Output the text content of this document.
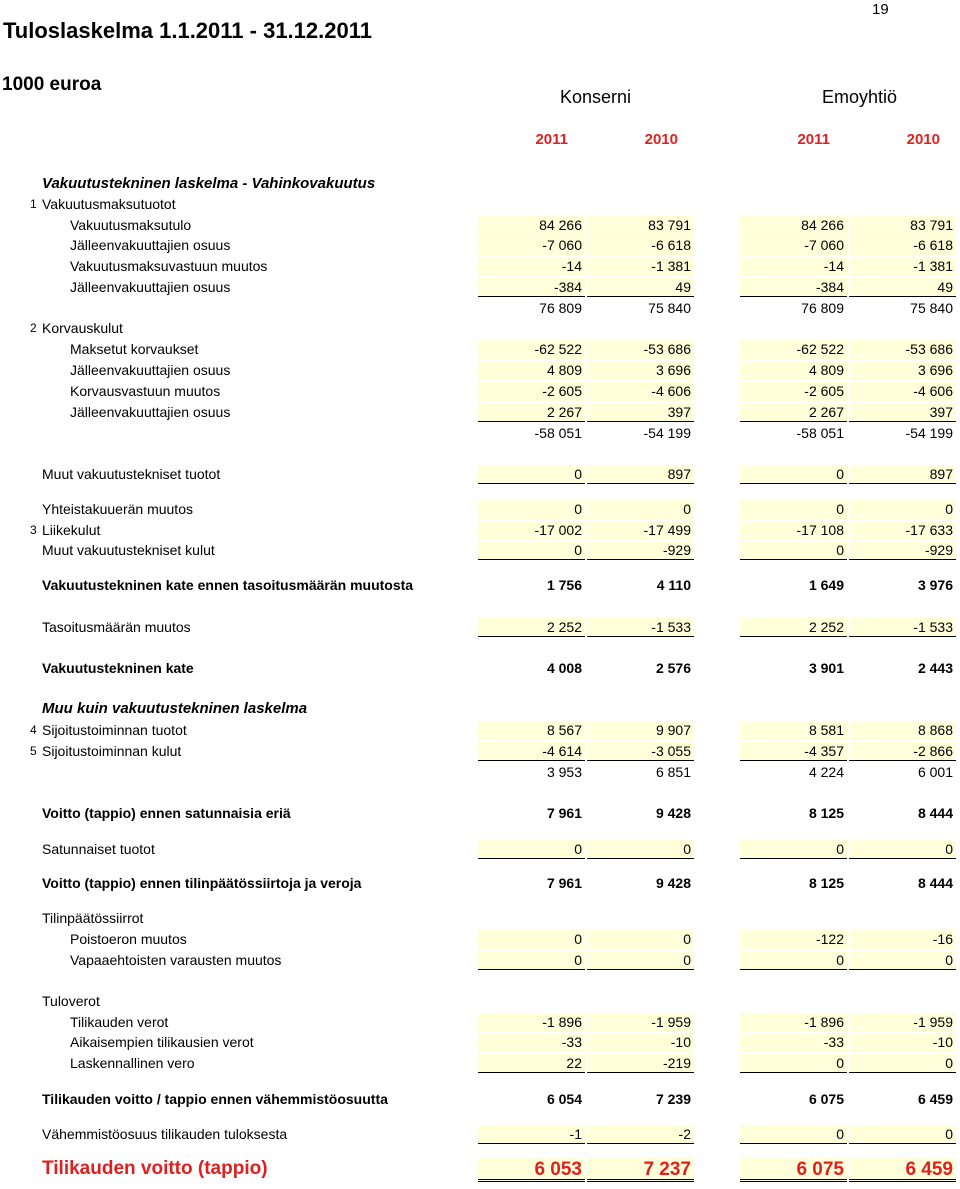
Tuloslaskelma 1.1.2011 - 31.12.2011
19
1000 euroa
Konserni	Emoyhtiö
2011	2010	2011	2010
Vakuutustekninen laskelma - Vahinkovakuutus
Muu kuin vakuutustekninen laskelma
1 Vakuutusmaksutuotot
Vakuutusmaksutulo	84 266	83 791	84 266	83 791
Jälleenvakuuttajien osuus	-7 060	-6 618	-7 060	-6 618
Vakuutusmaksuvastuun muutos	-14	-1 381	-14	-1 381
Jälleenvakuuttajien osuus	-384	49	-384	49
76 809	75 840	76 809	75 840
2 Korvauskulut
Maksetut korvaukset	-62 522	-53 686	-62 522	-53 686
Jälleenvakuuttajien osuus	4 809	3 696	4 809	3 696
Korvausvastuun muutos	-2 605	-4 606	-2 605	-4 606
Jälleenvakuuttajien osuus	2 267	397	2 267	397
-58 051	-54 199	-58 051	-54 199
Muut vakuutustekniset tuotot	0	897	0	897
Yhteistakuuerän muutos	0	0	0	0
3 Liikekulut	-17 002	-17 499	-17 108	-17 633
Muut vakuutustekniset kulut	0	-929	0	-929
Vakuutustekninen kate ennen tasoitusmäärän muutosta	1 756	4 110	1 649	3 976
Tasoitusmäärän muutos	2 252	-1 533	2 252	-1 533
Vakuutustekninen kate	4 008	2 576	3 901	2 443
4 Sijoitustoiminnan tuotot	8 567	9 907	8 581	8 868
5 Sijoitustoiminnan kulut	-4 614	-3 055	-4 357	-2 866
3 953	6 851	4 224	6 001
Voitto (tappio) ennen satunnaisia eriä	7 961	9 428	8 125	8 444
Satunnaiset tuotot	0	0	0	0
Voitto (tappio) ennen tilinpäätössiirtoja ja veroja	7 961	9 428	8 125	8 444
Tilinpäätössiirrot
Poistoeron muutos	0	0	-122	-16
Vapaaehtoisten varausten muutos	0	0	0	0
Tuloverot
Tilikauden verot	-1 896	-1 959	-1 896	-1 959
Aikaisempien tilikausien verot	-33	-10	-33	-10
Laskennallinen vero	22	-219	0	0
Tilikauden voitto / tappio ennen vähemmistöosuutta	6 054	7 239	6 075	6 459
Vähemmistöosuus tilikauden tuloksesta	-1	-2	0	0
Tilikauden voitto (tappio)	6 053	7 237	6 075	6 459
